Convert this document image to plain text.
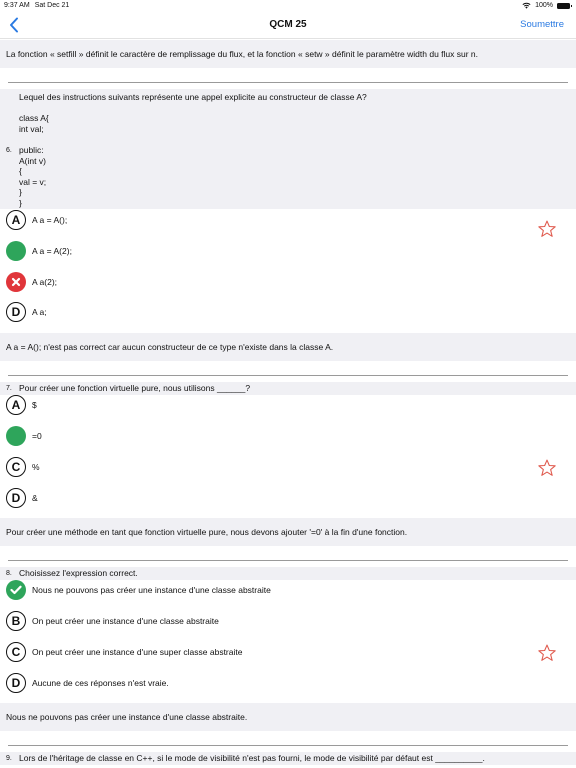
9:37 AM Sat Dec 21	100%
QCM 25	Soumettre
La fonction « setfill » définit le caractère de remplissage du flux, et la fonction « setw » définit le paramètre width du flux sur n.
6.
Lequel des instructions suivants représente une appel explicite au constructeur de classe A?

class A{
int val;

public:
A(int v)
{
val = v;
}
}
A	A a = A();
A a = A(2);
A a(2);
D	A a;
A a = A(); n'est pas correct car aucun constructeur de ce type n'existe dans la classe A.
7. Pour créer une fonction virtuelle pure, nous utilisons ______?
A	$
=0
C	%
D	&
Pour créer une méthode en tant que fonction virtuelle pure, nous devons ajouter '=0' à la fin d'une fonction.
8. Choisissez l'expression correct.
Nous ne pouvons pas créer une instance d'une classe abstraite
B	On peut créer une instance d'une classe abstraite
C	On peut créer une instance d'une super classe abstraite
D	Aucune de ces réponses n'est vraie.
Nous ne pouvons pas créer une instance d'une classe abstraite.
9. Lors de l'héritage de classe en C++, si le mode de visibilité n'est pas fourni, le mode de visibilité par défaut est __________.
